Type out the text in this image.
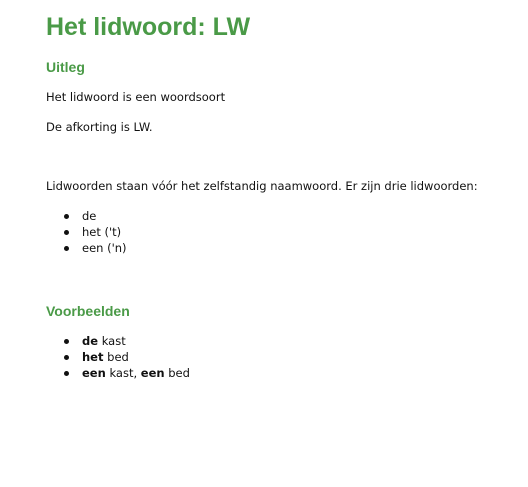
Het lidwoord: LW
Uitleg

Het lidwoord is een woordsoort

De afkorting is LW.

Lidwoorden staan vóór het zelfstandig naamwoord. Er zijn drie lidwoorden:

de
het ('t)
een ('n)
Voorbeelden
de kast
het bed
een kast, een bed
